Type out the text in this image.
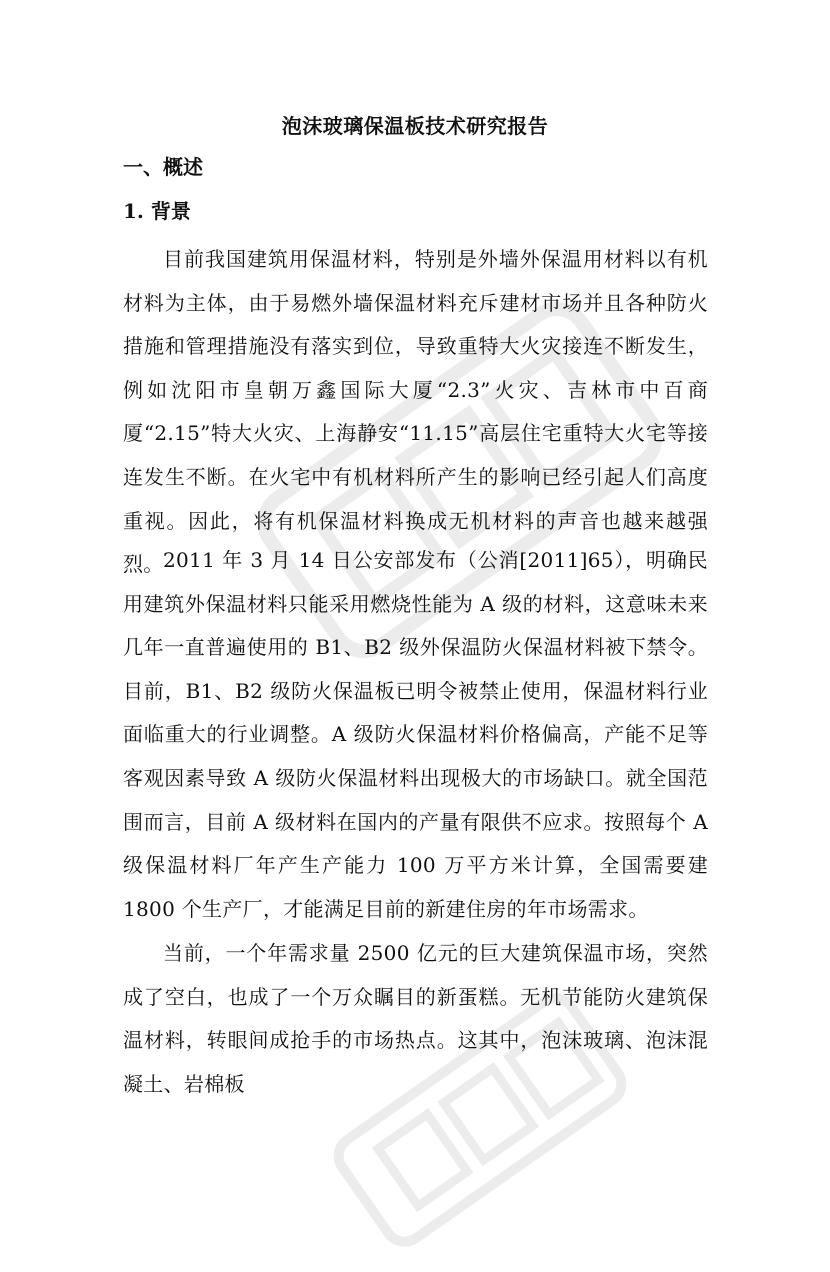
泡沫玻璃保温板技术研究报告
一、概述
1. 背景

目前我国建筑用保温材料，特别是外墙外保温用材料以有机材料为主体，由于易燃外墙保温材料充斥建材市场并且各种防火措施和管理措施没有落实到位，导致重特大火灾接连不断发生，例如沈阳市皇朝万鑫国际大厦“2.3”火灾、吉林市中百商厦“2.15”特大火灾、上海静安“11.15”高层住宅重特大火宅等接连发生不断。在火宅中有机材料所产生的影响已经引起人们高度重视。因此，将有机保温材料换成无机材料的声音也越来越强烈。 2011 年 3 月 14 日公安部发布（公消[2011]65），明确民用建筑外保温材料只能采用燃烧性能为 A 级的材料，这意味未来几年一直普遍使用的 B1、B2 级外保温防火保温材料被下禁令。目前，B1、B2 级防火保温板已明令被禁止使用，保温材料行业面临重大的行业调整。A 级防火保温材料价格偏高，产能不足等客观因素导致 A 级防火保温材料出现极大的市场缺口。就全国范围而言，目前 A 级材料在国内的产量有限供不应求。按照每个 A 级保温材料厂年产生产能力 100 万平方米计算，全国需要建 1800 个生产厂，才能满足目前的新建住房的年市场需求。

当前，一个年需求量 2500 亿元的巨大建筑保温市场，突然成了空白，也成了一个万众瞩目的新蛋糕。无机节能防火建筑保温材料，转眼间成抢手的市场热点。这其中，泡沫玻璃、泡沫混凝土、岩棉板
